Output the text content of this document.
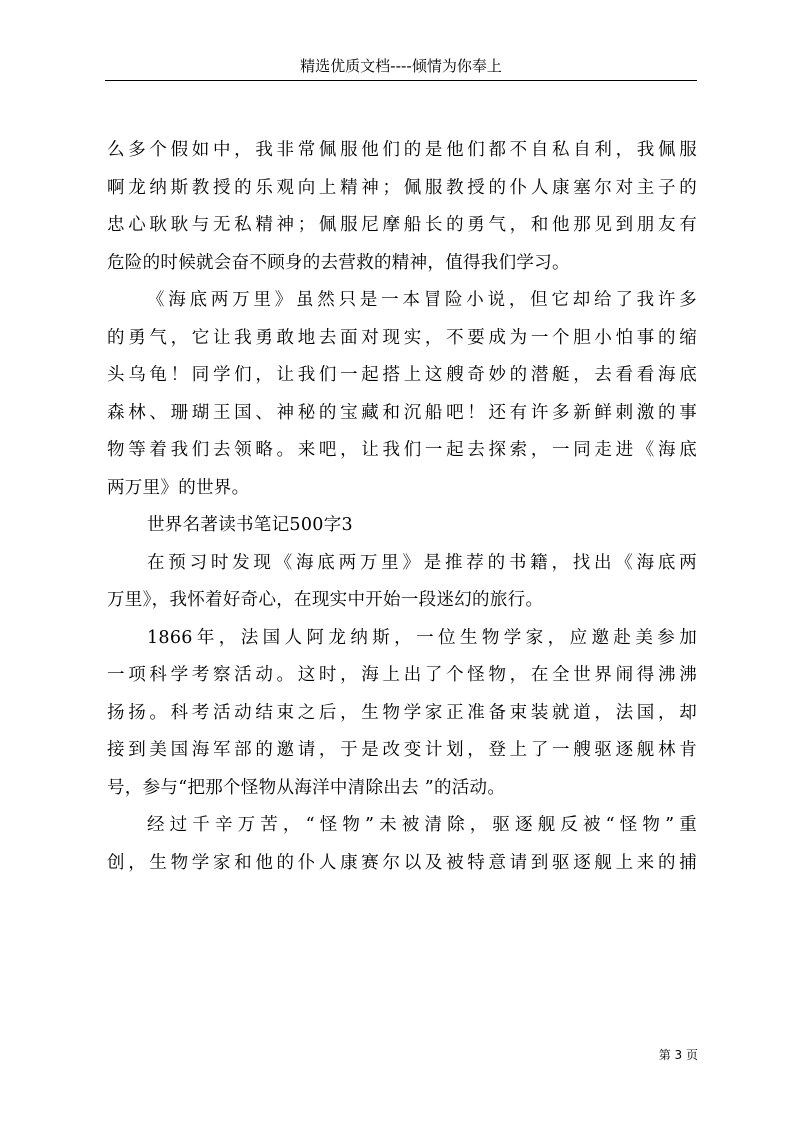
精选优质文档----倾情为你奉上
么多个假如中，我非常佩服他们的是他们都不自私自利，我佩服
啊龙纳斯教授的乐观向上精神；佩服教授的仆人康塞尔对主子的
忠心耿耿与无私精神；佩服尼摩船长的勇气，和他那见到朋友有
危险的时候就会奋不顾身的去营救的精神，值得我们学习。
《海底两万里》虽然只是一本冒险小说，但它却给了我许多
的勇气，它让我勇敢地去面对现实，不要成为一个胆小怕事的缩
头乌龟！同学们，让我们一起搭上这艘奇妙的潜艇，去看看海底
森林、珊瑚王国、神秘的宝藏和沉船吧！还有许多新鲜刺激的事
物等着我们去领略。来吧，让我们一起去探索，一同走进《海底
两万里》的世界。
世界名著读书笔记500字3
在预习时发现《海底两万里》是推荐的书籍，找出《海底两
万里》，我怀着好奇心，在现实中开始一段迷幻的旅行。
1866年，法国人阿龙纳斯，一位生物学家，应邀赴美参加
一项科学考察活动。这时，海上出了个怪物，在全世界闹得沸沸
扬扬。科考活动结束之后，生物学家正准备束装就道，法国，却
接到美国海军部的邀请，于是改变计划，登上了一艘驱逐舰林肯
号，参与“把那个怪物从海洋中清除出去 ”的活动。
经过千辛万苦，“怪物”未被清除，驱逐舰反被“怪物”重
创，生物学家和他的仆人康赛尔以及被特意请到驱逐舰上来的捕
第 3 页
